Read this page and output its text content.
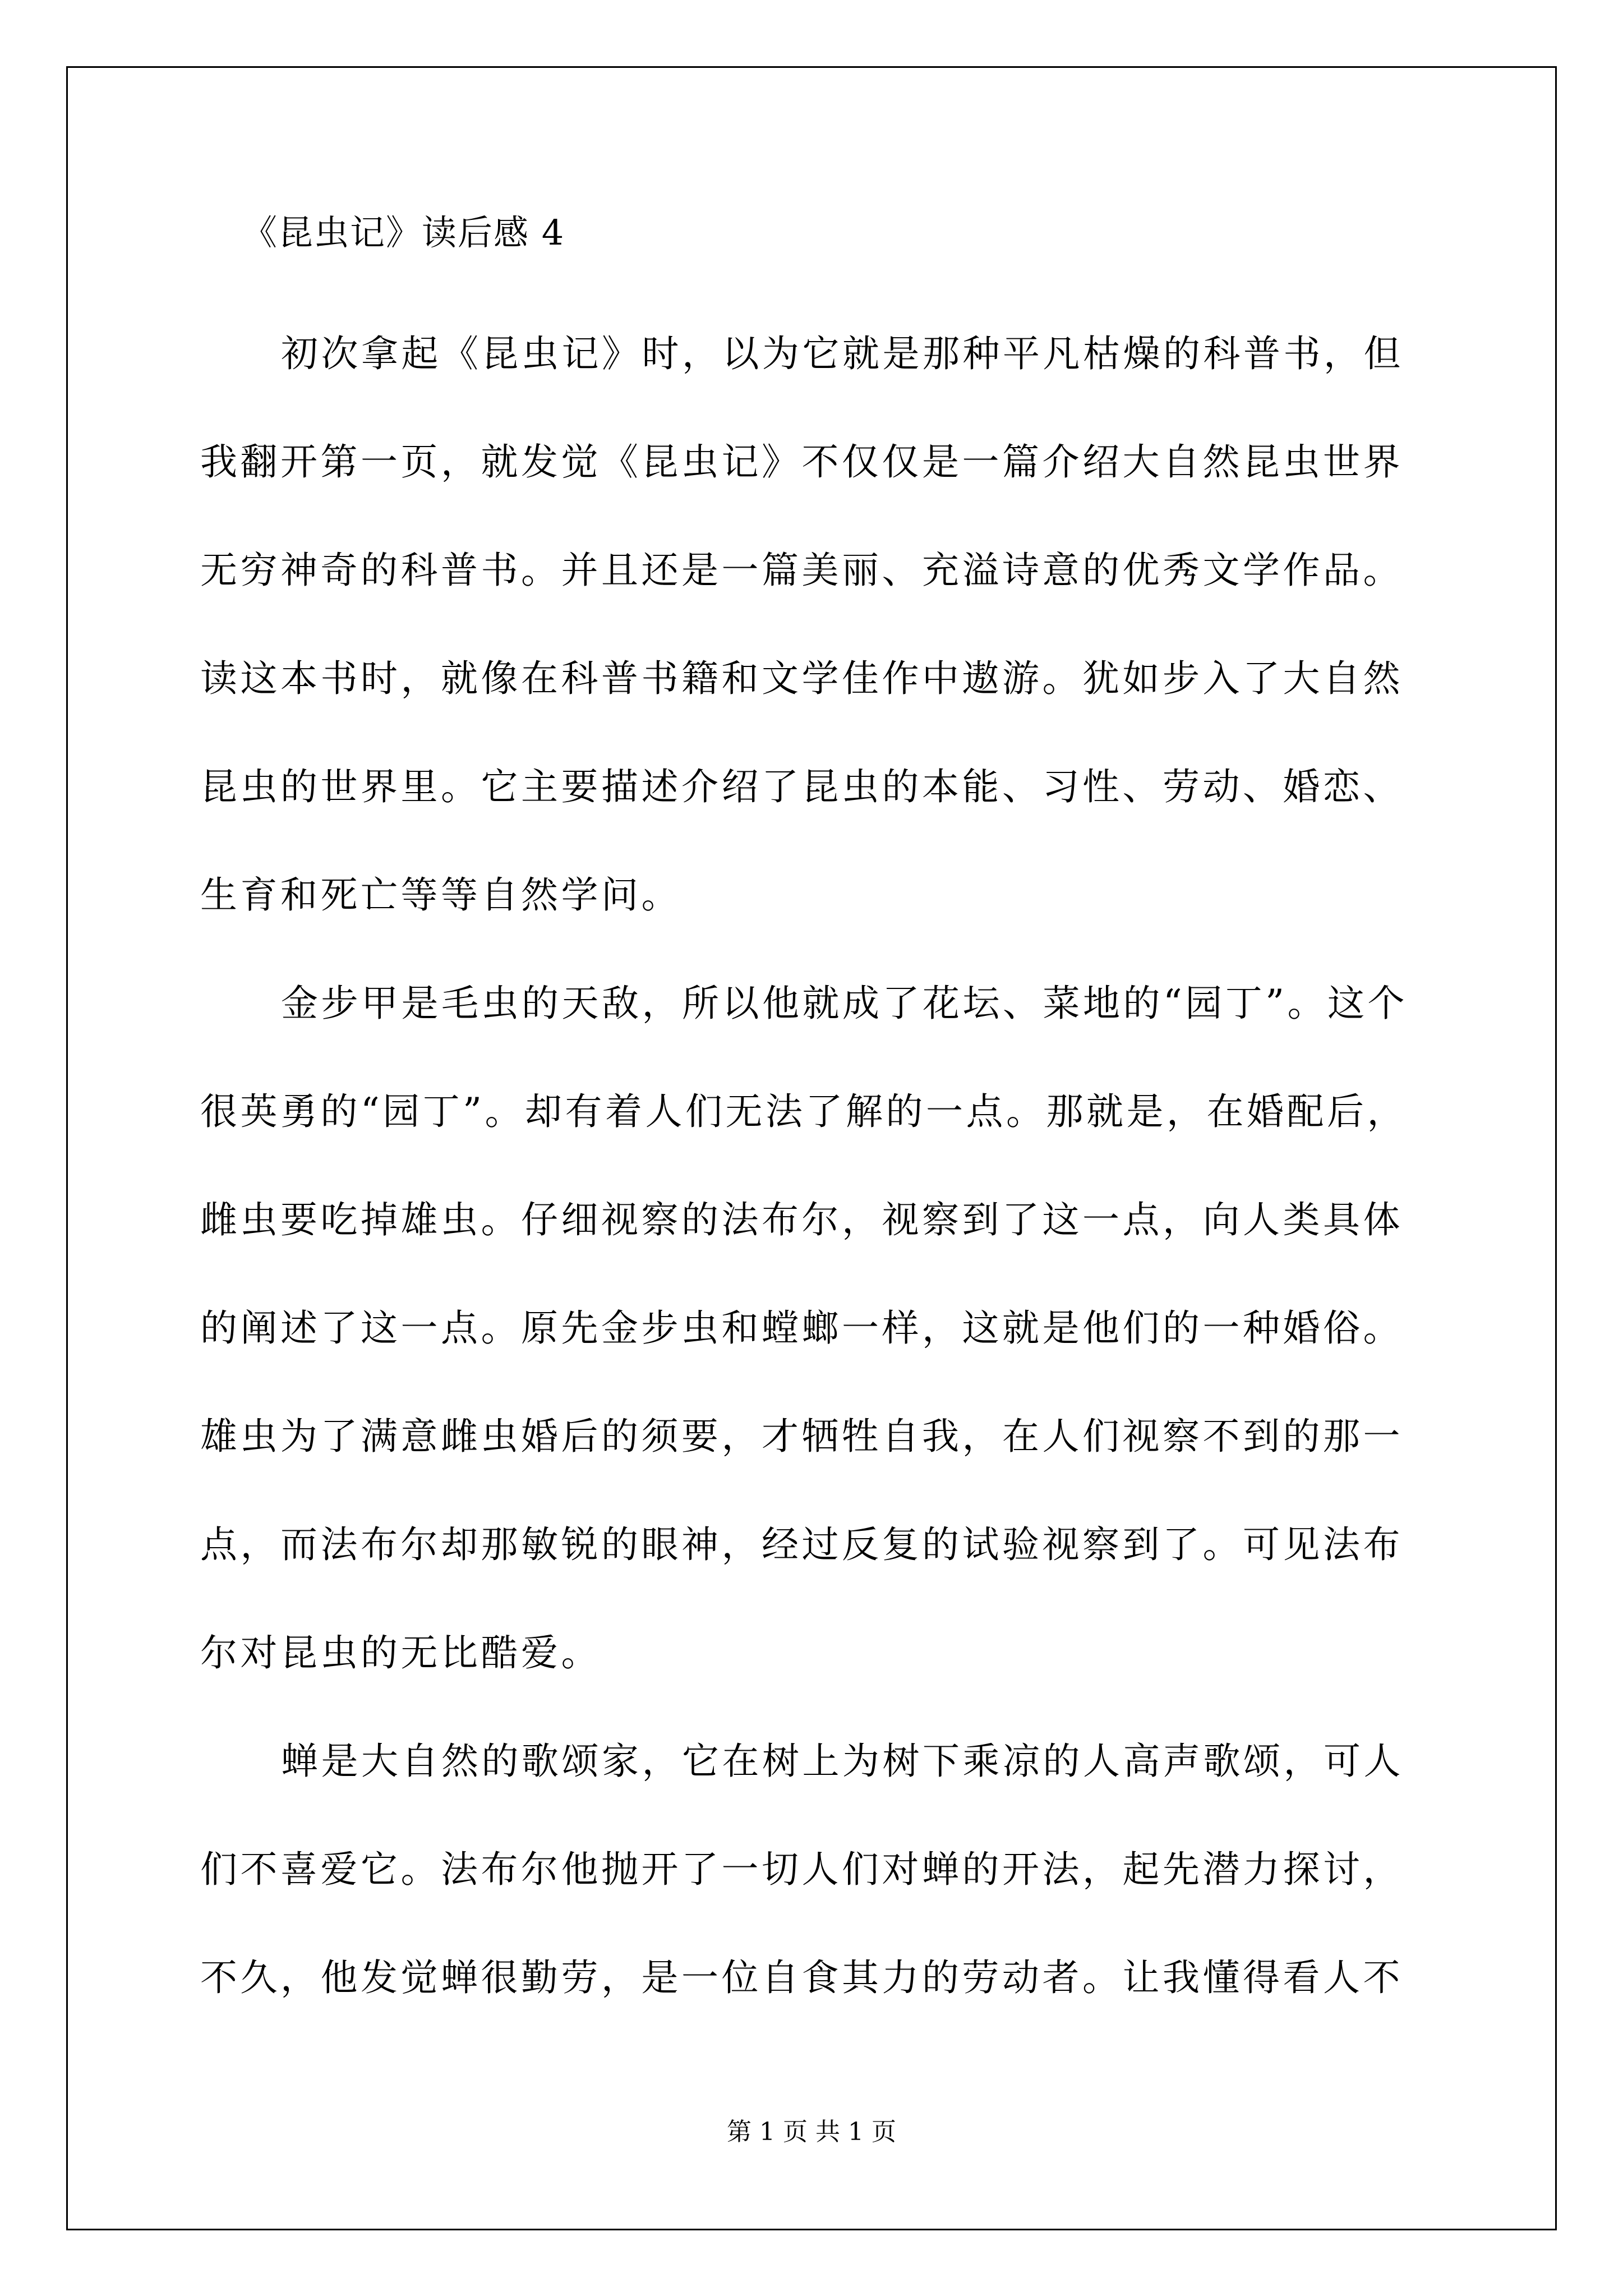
《昆虫记》读后感 4

初次拿起《昆虫记》时，以为它就是那种平凡枯燥的科普书，但
我翻开第一页，就发觉《昆虫记》不仅仅是一篇介绍大自然昆虫世界
无穷神奇的科普书。并且还是一篇美丽、充溢诗意的优秀文学作品。
读这本书时，就像在科普书籍和文学佳作中遨游。犹如步入了大自然
昆虫的世界里。它主要描述介绍了昆虫的本能、习性、劳动、婚恋、
生育和死亡等等自然学问。

金步甲是毛虫的天敌，所以他就成了花坛、菜地的“园丁”。这个
很英勇的“园丁”。却有着人们无法了解的一点。那就是，在婚配后，
雌虫要吃掉雄虫。仔细视察的法布尔，视察到了这一点，向人类具体
的阐述了这一点。原先金步虫和螳螂一样，这就是他们的一种婚俗。
雄虫为了满意雌虫婚后的须要，才牺牲自我，在人们视察不到的那一
点，而法布尔却那敏锐的眼神，经过反复的试验视察到了。可见法布
尔对昆虫的无比酷爱。

蝉是大自然的歌颂家，它在树上为树下乘凉的人高声歌颂，可人
们不喜爱它。法布尔他抛开了一切人们对蝉的开法，起先潜力探讨，
不久，他发觉蝉很勤劳，是一位自食其力的劳动者。让我懂得看人不

第 1 页 共 1 页
